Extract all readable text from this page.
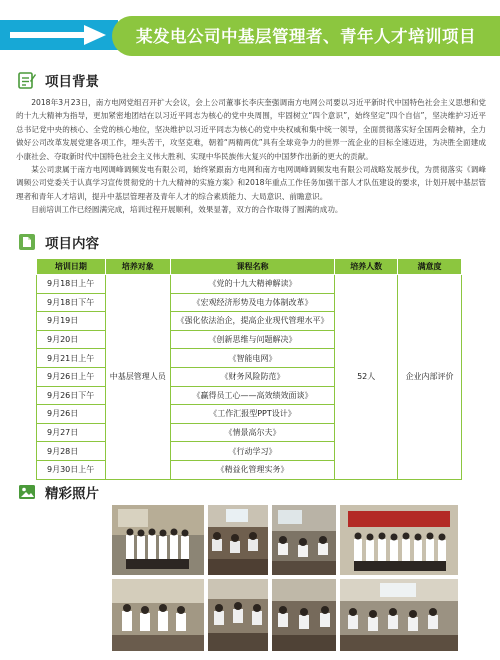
某发电公司中基层管理者、青年人才培训项目
项目背景

2018年3月23日，南方电网党组召开扩大会议，会上公司董事长李庆奎强调南方电网公司要以习近平新时代中国特色社会主义思想和党的十九大精神为指导，更加紧密地团结在以习近平同志为核心的党中央周围，牢固树立“四个意识”，始终坚定“四个自信”，坚决维护习近平总书记党中央的核心、全党的核心地位，坚决维护以习近平同志为核心的党中央权威和集中统一领导，全面贯彻落实好全国两会精神，全力做好公司改革发展党建各项工作，埋头苦干，攻坚克难，朝着“两精两优”具有全球竞争力的世界一流企业的目标全速迈进，为决胜全面建成小康社会、夺取新时代中国特色社会主义伟大胜利、实现中华民族伟大复兴的中国梦作出新的更大的贡献。

某公司隶属于南方电网调峰调频发电有限公司，始终紧跟南方电网和南方电网调峰调频发电有限公司战略发展步伐，为贯彻落实《调峰调频公司党委关于认真学习宣传贯彻党的十九大精神的实施方案》和2018年重点工作任务加强干部人才队伍建设的要求，计划开展中基层管理者和青年人才培训，提升中基层管理者及青年人才的综合素质能力、大局意识、前瞻意识。

目前培训工作已经圆满完成，培训过程开展顺利，效果显著，双方的合作取得了圆满的成功。

项目内容
培训日期	培养对象	课程名称	培养人数	满意度
9月18日上午	中基层管理人员	《党的十九大精神解读》	52人	企业内部评价
9月18日下午		《宏观经济形势及电力体制改革》		
9月19日		《强化依法治企，提高企业现代管理水平》		
9月20日		《创新思维与问题解决》		
9月21日上午		《智能电网》		
9月26日上午		《财务风险防范》		
9月26日下午		《赢得员工心——高效绩效面谈》		
9月26日		《工作汇报型PPT设计》		
9月27日		《情景高尔夫》		
9月28日		《行动学习》		
9月30日上午		《精益化管理实务》		
精彩照片
